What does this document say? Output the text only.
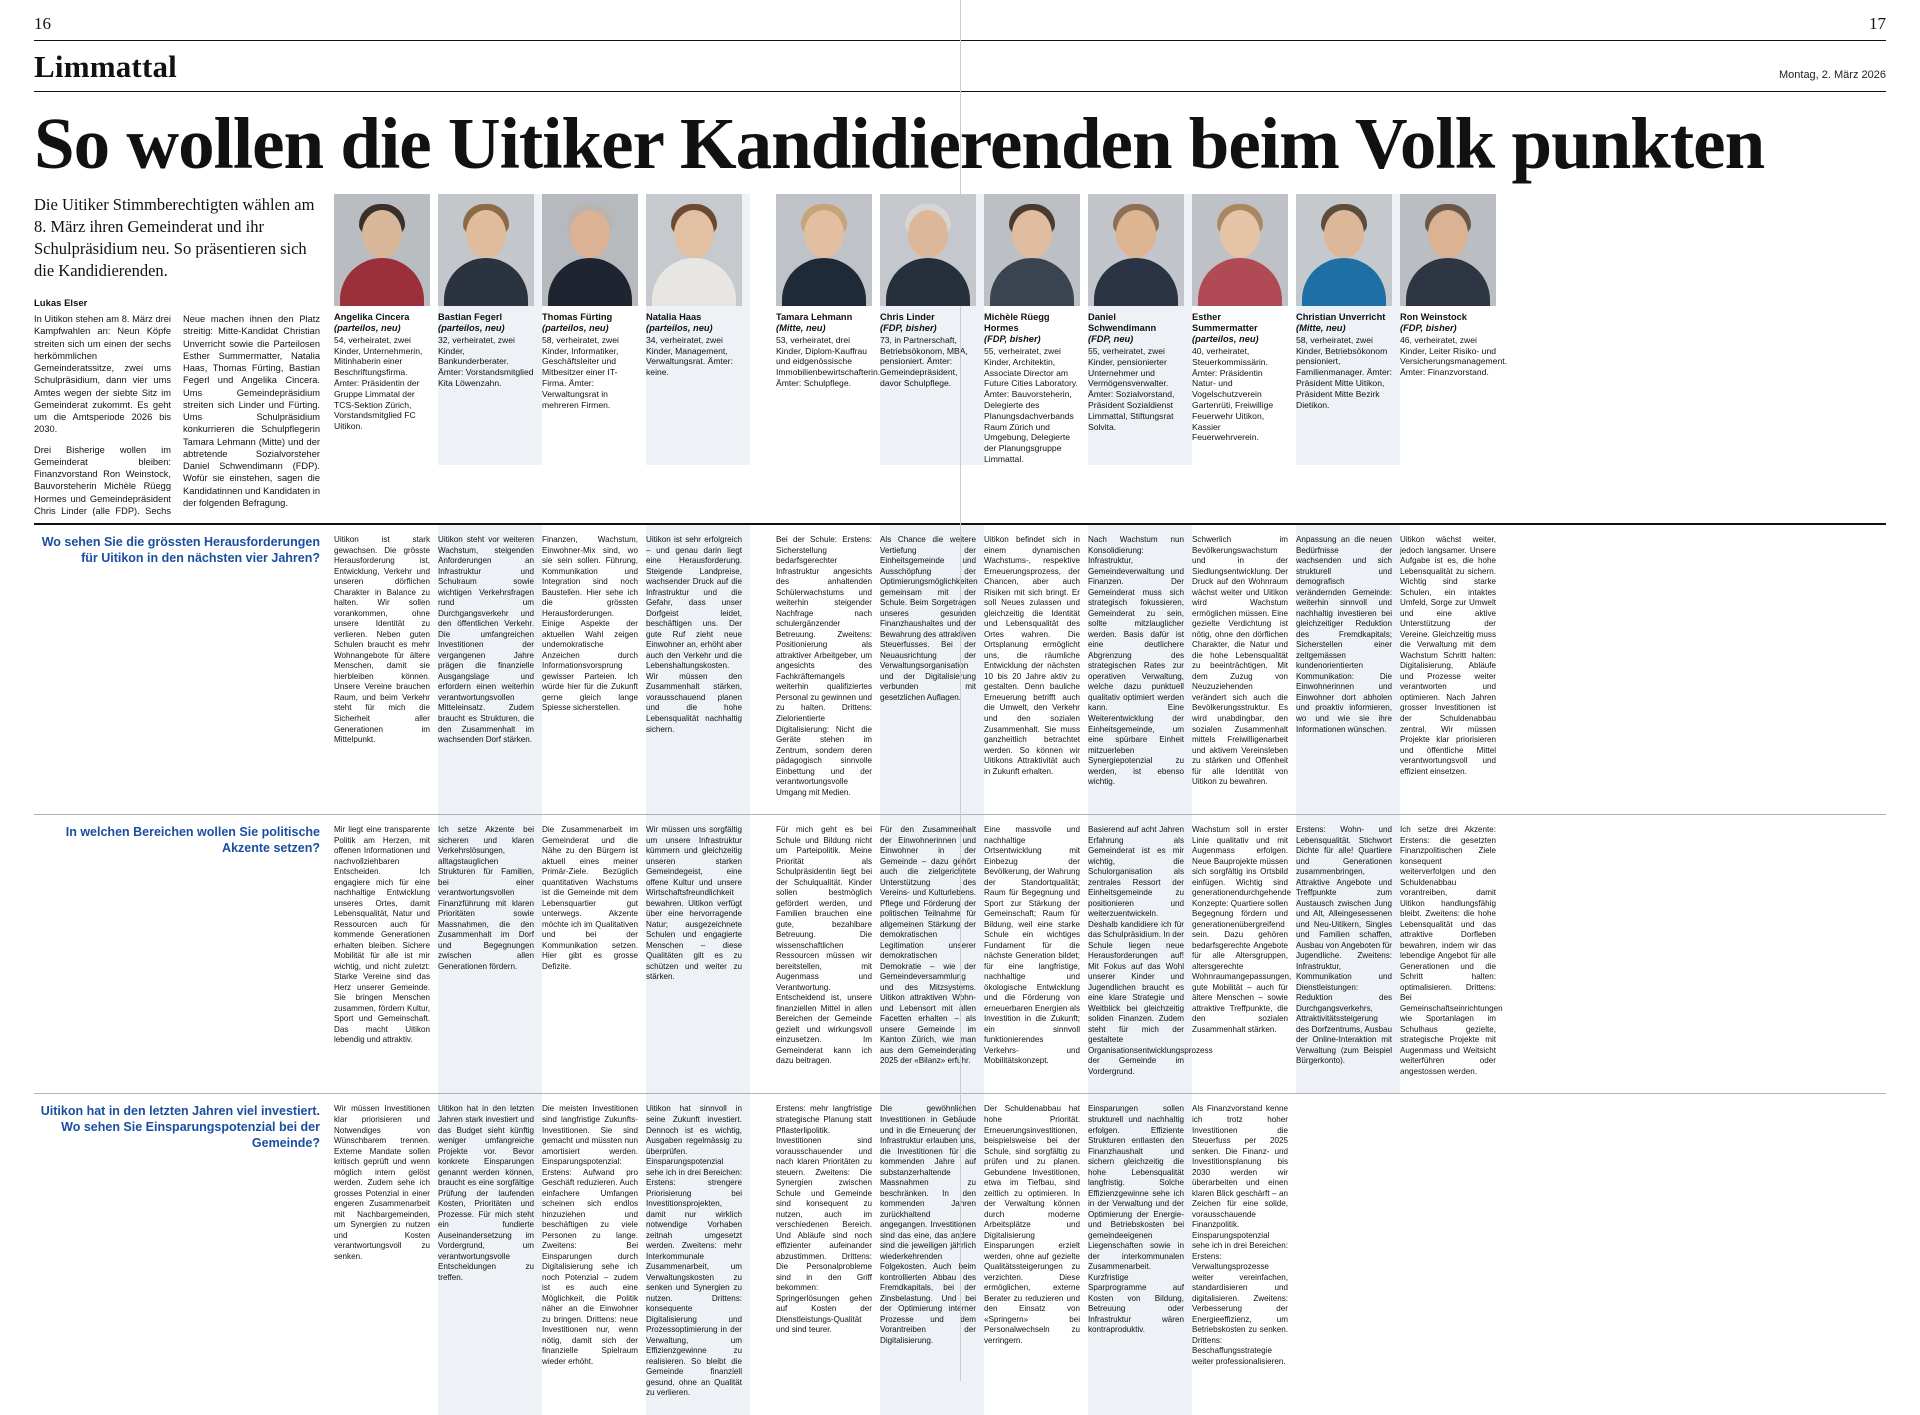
16	17
Limmattal	Montag, 2. März 2026
So wollen die Uitiker Kandidierenden beim Volk punkten
Die Uitiker Stimmberechtigten wählen am 8. März ihren Gemeinderat und ihr Schulpräsidium neu. So präsentieren sich die Kandidierenden.
Lukas Elser

In Uitikon stehen am 8. März drei Kampfwahlen an: Neun Köpfe streiten sich um einen der sechs herkömmlichen Gemeinderatssitze, zwei ums Schulpräsidium, dann vier ums Amtes wegen der siebte Sitz im Gemeinderat zukommt. Es geht um die Amtsperiode 2026 bis 2030.

Drei Bisherige wollen im Gemeinderat bleiben: Finanzvorstand Ron Weinstock, Bauvorsteherin Michèle Rüegg Hormes und Gemeindepräsident Chris Linder (alle FDP). Sechs Neue machen ihnen den Platz streitig: Mitte-Kandidat Christian Unverricht sowie die Parteilosen Esther Summermatter, Natalia Haas, Thomas Fürting, Bastian Fegerl und Angelika Cincera. Ums Gemeindepräsidium streiten sich Linder und Fürting. Ums Schulpräsidium konkurrieren die Schulpflegerin Tamara Lehmann (Mitte) und der abtretende Sozialvorsteher Daniel Schwendimann (FDP). Wofür sie einstehen, sagen die Kandidatinnen und Kandidaten in der folgenden Befragung.

Angelika Cincera

(parteilos, neu)

54, verheiratet, zwei Kinder, Unternehmerin, Mitinhaberin einer Beschriftungsfirma. Ämter: Präsidentin der Gruppe Limmatal der TCS-Sektion Zürich, Vorstandsmitglied FC Uitikon.
Bastian Fegerl

(parteilos, neu)

32, verheiratet, zwei Kinder, Bankunderberater. Ämter: Vorstandsmitglied Kita Löwenzahn.
Thomas Fürting

(parteilos, neu)

58, verheiratet, zwei Kinder, Informatiker, Geschäftsleiter und Mitbesitzer einer IT-Firma. Ämter: Verwaltungsrat in mehreren Firmen.
Natalia Haas

(parteilos, neu)

34, verheiratet, zwei Kinder, Management, Verwaltungsrat. Ämter: keine.
Tamara Lehmann

(Mitte, neu)

53, verheiratet, drei Kinder, Diplom-Kauffrau und eidgenössische Immobilienbewirtschafterin. Ämter: Schulpflege.
Chris Linder

(FDP, bisher)

73, in Partnerschaft, Betriebsökonom, MBA, pensioniert. Ämter: Gemeindepräsident, davor Schulpflege.
Michèle Rüegg Hormes

(FDP, bisher)

55, verheiratet, zwei Kinder, Architektin, Associate Director am Future Cities Laboratory. Ämter: Bauvorsteherin, Delegierte des Planungsdachverbands Raum Zürich und Umgebung, Delegierte der Planungsgruppe Limmattal.
Daniel Schwendimann

(FDP, neu)

55, verheiratet, zwei Kinder, pensionierter Unternehmer und Vermögensverwalter. Ämter: Sozialvorstand, Präsident Sozialdienst Limmattal, Stiftungsrat Solvita.
Esther Summermatter

(parteilos, neu)

40, verheiratet, Steuerkommissärin. Ämter: Präsidentin Natur- und Vogelschutzverein Gartenrüti, Freiwillige Feuerwehr Uitikon, Kassier Feuerwehrverein.
Christian Unverricht

(Mitte, neu)

58, verheiratet, zwei Kinder, Betriebsökonom pensioniert, Familienmanager. Ämter: Präsident Mitte Uitikon, Präsident Mitte Bezirk Dietikon.
Ron Weinstock

(FDP, bisher)

46, verheiratet, zwei Kinder, Leiter Risiko- und Versicherungsmanagement. Ämter: Finanzvorstand.
Wo sehen Sie die grössten Herausforderungen für Uitikon in den nächsten vier Jahren?
Uitikon ist stark gewachsen. Die grösste Herausforderung ist, Entwicklung, Verkehr und unseren dörflichen Charakter in Balance zu halten. Wir sollen vorankommen, ohne unsere Identität zu verlieren. Neben guten Schulen braucht es mehr Wohnangebote für ältere Menschen, damit sie hierbleiben können. Unsere Vereine brauchen Raum, und beim Verkehr steht für mich die Sicherheit aller Generationen im Mittelpunkt.
Uitikon steht vor weiteren Wachstum, steigenden Anforderungen an Infrastruktur und Schulraum sowie wichtigen Verkehrsfragen rund um Durchgangsverkehr und den öffentlichen Verkehr. Die umfangreichen Investitionen der vergangenen Jahre prägen die finanzielle Ausgangslage und erfordern einen weiterhin verantwortungsvollen Mitteleinsatz. Zudem braucht es Strukturen, die den Zusammenhalt im wachsenden Dorf stärken.
Finanzen, Wachstum, Einwohner-Mix sind, wo sie sein sollen. Führung, Kommunikation und Integration sind noch Baustellen. Hier sehe ich die grössten Herausforderungen. Einige Aspekte der aktuellen Wahl zeigen undemokratische Anzeichen durch Informationsvorsprung gewisser Parteien. Ich würde hier für die Zukunft gerne gleich lange Spiesse sicherstellen.
Uitikon ist sehr erfolgreich – und genau darin liegt eine Herausforderung. Steigende Landpreise, wachsender Druck auf die Infrastruktur und die Gefahr, dass unser Dorfgeist leidet, beschäftigen uns. Der gute Ruf zieht neue Einwohner an, erhöht aber auch den Verkehr und die Lebenshaltungskosten. Wir müssen den Zusammenhalt stärken, vorausschauend planen und die hohe Lebensqualität nachhaltig sichern.
Bei der Schule: Erstens: Sicherstellung bedarfsgerechter Infrastruktur angesichts des anhaltenden Schülerwachstums und weiterhin steigender Nachfrage nach schulergänzender Betreuung. Zweitens: Positionierung als attraktiver Arbeitgeber, um angesichts des Fachkräftemangels weiterhin qualifiziertes Personal zu gewinnen und zu halten. Drittens: Zielorientierte Digitalisierung: Nicht die Geräte stehen im Zentrum, sondern deren pädagogisch sinnvolle Einbettung und der verantwortungsvolle Umgang mit Medien.
Als Chance die weitere Vertiefung der Einheitsgemeinde und Ausschöpfung der Optimierungsmöglichkeiten gemeinsam mit der Schule. Beim Sorgetragen unseres gesunden Finanzhaushaltes und der Bewahrung des attraktiven Steuerfusses. Bei der Neuausrichtung der Verwaltungsorganisation und der Digitalisierung verbunden mit gesetzlichen Auflagen.
Uitikon befindet sich in einem dynamischen Wachstums-, respektive Erneuerungsprozess, der Chancen, aber auch Risiken mit sich bringt. Er soll Neues zulassen und gleichzeitig die Identität und Lebensqualität des Ortes wahren. Die Ortsplanung ermöglicht uns, die räumliche Entwicklung der nächsten 10 bis 20 Jahre aktiv zu gestalten. Denn bauliche Erneuerung betrifft auch die Umwelt, den Verkehr und den sozialen Zusammenhalt. Sie muss ganzheitlich betrachtet werden. So können wir Uitikons Attraktivität auch in Zukunft erhalten.
Nach Wachstum nun Konsolidierung: Infrastruktur, Gemeindeverwaltung und Finanzen. Der Gemeinderat muss sich strategisch fokussieren, Gemeinderat zu sein, sollte mitzlauglicher werden. Basis dafür ist eine deutlichere Abgrenzung des strategischen Rates zur operativen Verwaltung, welche dazu punktuell qualitativ optimiert werden kann. Eine Weiterentwicklung der Einheitsgemeinde, um eine spürbare Einheit mitzuerleben Synergiepotenzial zu werden, ist ebenso wichtig.
Schwerlich im Bevölkerungswachstum und in der Siedlungsentwicklung. Der Druck auf den Wohnraum wächst weiter und Uitikon wird Wachstum ermöglichen müssen. Eine gezielte Verdichtung ist nötig, ohne den dörflichen Charakter, die Natur und die hohe Lebensqualität zu beeinträchtigen. Mit dem Zuzug von Neuzuziehenden verändert sich auch die Bevölkerungsstruktur. Es wird unabdingbar, den sozialen Zusammenhalt mittels Freiwilligenarbeit und aktivem Vereinsleben zu stärken und Offenheit für alle Identität von Uitikon zu bewahren.
Anpassung an die neuen Bedürfnisse der wachsenden und sich strukturell und demografisch verändernden Gemeinde: weiterhin sinnvoll und nachhaltig investieren bei gleichzeitiger Reduktion des Fremdkapitals; Sicherstellen einer zeitgemässen kundenorientierten Kommunikation: Die Einwohnerinnen und Einwohner dort abholen und proaktiv informieren, wo und wie sie ihre Informationen wünschen.
Uitikon wächst weiter, jedoch langsamer. Unsere Aufgabe ist es, die hohe Lebensqualität zu sichern. Wichtig sind starke Schulen, ein intaktes Umfeld, Sorge zur Umwelt und eine aktive Unterstützung der Vereine. Gleichzeitig muss die Verwaltung mit dem Wachstum Schritt halten: Digitalisierung, Abläufe und Prozesse weiter verantworten und optimieren. Nach Jahren grosser Investitionen ist der Schuldenabbau zentral. Wir müssen Projekte klar priorisieren und öffentliche Mittel verantwortungsvoll und effizient einsetzen.
In welchen Bereichen wollen Sie politische Akzente setzen?
Mir liegt eine transparente Politik am Herzen, mit offenen Informationen und nachvollziehbaren Entscheiden. Ich engagiere mich für eine nachhaltige Entwicklung unseres Ortes, damit Lebensqualität, Natur und Ressourcen auch für kommende Generationen erhalten bleiben. Sichere Mobilität für alle ist mir wichtig, und nicht zuletzt: Starke Vereine sind das Herz unserer Gemeinde. Sie bringen Menschen zusammen, fördern Kultur, Sport und Gemeinschaft. Das macht Uitikon lebendig und attraktiv.
Ich setze Akzente bei sicheren und klaren Verkehrslösungen, alltagstauglichen Strukturen für Familien, bei einer verantwortungsvollen Finanzführung mit klaren Prioritäten sowie Massnahmen, die den Zusammenhalt im Dorf und Begegnungen zwischen allen Generationen fördern.
Die Zusammenarbeit im Gemeinderat und die Nähe zu den Bürgern ist aktuell eines meiner Primär-Ziele. Bezüglich quantitativen Wachstums ist die Gemeinde mit dem Lebensquartier gut unterwegs. Akzente möchte ich im Qualitativen und bei der Kommunikation setzen. Hier gibt es grosse Defizite.
Wir müssen uns sorgfältig um unsere Infrastruktur kümmern und gleichzeitig unseren starken Gemeindegeist, eine offene Kultur und unsere Wirtschaftsfreundlichkeit bewahren. Uitikon verfügt über eine hervorragende Natur; ausgezeichnete Schulen und engagierte Menschen – diese Qualitäten gilt es zu schützen und weiter zu stärken.
Für mich geht es bei Schule und Bildung nicht um Parteipolitik. Meine Priorität als Schulpräsidentin liegt bei der Schulqualität. Kinder sollen bestmöglich gefördert werden, und Familien brauchen eine gute, bezahlbare Betreuung. Die wissenschaftlichen Ressourcen müssen wir bereitstellen, mit Augenmass und Verantwortung. Entscheidend ist, unsere finanziellen Mittel in allen Bereichen der Gemeinde gezielt und wirkungsvoll einzusetzen. Im Gemeinderat kann ich dazu beitragen.
Für den Zusammenhalt der Einwohnerinnen und Einwohner in der Gemeinde – dazu gehört auch die zielgerichtete Unterstützung des Vereins- und Kulturlebens. Pflege und Förderung der politischen Teilnahme für allgemeinen Stärkung der demokratischen Legitimation unserer demokratischen Demokratie – wie der Gemeindeversammlung und des Mitzsystems. Uitikon attraktiven Wohn- und Lebensort mit allen Facetten erhalten – als unsere Gemeinde im Kanton Zürich, wie man aus dem Gemeinderating 2025 der «Bilanz» erfuhr.
Eine massvolle und nachhaltige Ortsentwicklung mit Einbezug der Bevölkerung, der Wahrung der Standortqualität; Raum für Begegnung und Sport zur Stärkung der Gemeinschaft; Raum für Bildung, weil eine starke Schule ein wichtiges Fundament für die nächste Generation bildet; für eine langfristige, nachhaltige und ökologische Entwicklung und die Förderung von erneuerbaren Energien als Investition in die Zukunft; ein sinnvoll funktionierendes Verkehrs- und Mobilitätskonzept.
Basierend auf acht Jahren Erfahrung als Gemeinderat ist es mir wichtig, die Schulorganisation als zentrales Ressort der Einheitsgemeinde zu positionieren und weiterzuentwickeln. Deshalb kandidiere ich für das Schulpräsidium. In der Schule liegen neue Herausforderungen auf! Mit Fokus auf das Wohl unserer Kinder und Jugendlichen braucht es eine klare Strategie und Weitblick bei gleichzeitig soliden Finanzen. Zudem steht für mich der gestaltete Organisationsentwicklungsprozess der Gemeinde im Vordergrund.
Wachstum soll in erster Linie qualitativ und mit Augenmass erfolgen. Neue Bauprojekte müssen sich sorgfältig ins Ortsbild einfügen. Wichtig sind generationendurchgehende Konzepte: Quartiere sollen Begegnung fördern und generationenübergreifend sein. Dazu gehören bedarfsgerechte Angebote für alle Altersgruppen, altersgerechte Wohnraumangepassungen, gute Mobilität – auch für ältere Menschen – sowie attraktive Treffpunkte, die den sozialen Zusammenhalt stärken.
Erstens: Wohn- und Lebensqualität. Stichwort Dichte für alle! Quartiere und Generationen zusammenbringen, Attraktive Angebote und Treffpunkte zum Austausch zwischen Jung und Alt, Alleingesessenen und Neu-Uitikern, Singles und Familien schaffen, Ausbau von Angeboten für Jugendliche. Zweitens: Infrastruktur, Kommunikation und Dienstleistungen: Reduktion des Durchgangsverkehrs, Attraktivitätssteigerung des Dorfzentrums, Ausbau der Online-Interaktion mit Verwaltung (zum Beispiel Bürgerkonto).
Ich setze drei Akzente: Erstens: die gesetzten Finanzpolitischen Ziele konsequent weiterverfolgen und den Schuldenabbau vorantreiben, damit Uitikon handlungsfähig bleibt. Zweitens: die hohe Lebensqualität und das attraktive Dorfleben bewahren, indem wir das lebendige Angebot für alle Generationen und die Schritt halten: optimalisieren. Drittens: Bei Gemeinschaftseinrichtungen wie Sportanlagen im Schulhaus gezielte, strategische Projekte mit Augenmass und Weitsicht weiterführen oder angestossen werden.
Uitikon hat in den letzten Jahren viel investiert. Wo sehen Sie Einsparungspotenzial bei der Gemeinde?
Wir müssen Investitionen klar priorisieren und Notwendiges von Wünschbarem trennen. Externe Mandate sollen kritisch geprüft und wenn möglich intern gelöst werden. Zudem sehe ich grosses Potenzial in einer engeren Zusammenarbeit mit Nachbargemeinden, um Synergien zu nutzen und Kosten verantwortungsvoll zu senken.
Uitikon hat in den letzten Jahren stark investiert und das Budget sieht künftig weniger umfangreiche Projekte vor. Bevor konkrete Einsparungen genannt werden können, braucht es eine sorgfältige Prüfung der laufenden Kosten, Prioritäten und Prozesse. Für mich steht ein fundierte Auseinandersetzung im Vordergrund, um verantwortungsvolle Entscheidungen zu treffen.
Die meisten Investitionen sind langfristige Zukunfts-Investitionen. Sie sind gemacht und müssten nun amortisiert werden. Einsparungspotenzial: Erstens: Aufwand pro Geschäft reduzieren. Auch einfachere Umfangen scheinen sich endlos hinzuziehen und beschäftigen zu viele Personen zu lange. Zweitens: Bei Einsparungen durch Digitalisierung sehe ich noch Potenzial – zudem ist es auch eine Möglichkeit, die Politik näher an die Einwohner zu bringen. Drittens: neue Investitionen nur, wenn nötig, damit sich der finanzielle Spielraum wieder erhöht.
Uitikon hat sinnvoll in seine Zukunft investiert. Dennoch ist es wichtig, Ausgaben regelmässig zu überprüfen. Einsparungspotenzial sehe ich in drei Bereichen: Erstens: strengere Priorisierung bei Investitionsprojekten, damit nur wirklich notwendige Vorhaben zeitnah umgesetzt werden. Zweitens: mehr Interkommunale Zusammenarbeit, um Verwaltungskosten zu senken und Synergien zu nutzen. Drittens: konsequente Digitalisierung und Prozessoptimierung in der Verwaltung, um Effizienzgewinne zu realisieren. So bleibt die Gemeinde finanziell gesund, ohne an Qualität zu verlieren.
Erstens: mehr langfristige strategische Planung statt Pflasterlipolitik. Investitionen sind vorausschauender und nach klaren Prioritäten zu steuern. Zweitens: Die Synergien zwischen Schule und Gemeinde sind konsequent zu nutzen, auch im verschiedenen Bereich. Und Abläufe sind noch effizienter aufeinander abzustimmen. Drittens: Die Personalprobleme sind in den Griff bekommen: Springerlösungen gehen auf Kosten der Dienstleistungs-Qualität und sind teurer.
Die gewöhnlichen Investitionen in Gebäude und in die Erneuerung der Infrastruktur erlauben uns, die Investitionen für die kommenden Jahre auf substanzerhaltende Massnahmen zu beschränken. In den kommenden Jahren zurückhaltend angegangen. Investitionen sind das eine, das andere sind die jeweiligen jährlich wiederkehrenden Folgekosten. Auch beim kontrollierten Abbau des Fremdkapitals, bei der Zinsbelastung. Und bei der Optimierung interner Prozesse und dem Vorantreiben der Digitalisierung.
Der Schuldenabbau hat hohe Priorität. Erneuerungsinvestitionen, beispielsweise bei der Schule, sind sorgfältig zu prüfen und zu planen. Gebundene Investitionen, etwa im Tiefbau, sind zeitlich zu optimieren. In der Verwaltung können durch moderne Arbeitsplätze und Digitalisierung Einsparungen erzielt werden, ohne auf gezielte Qualitätssteigerungen zu verzichten. Diese ermöglichen, externe Berater zu reduzieren und den Einsatz von «Springern» bei Personalwechseln zu verringern.
Einsparungen sollen strukturell und nachhaltig erfolgen. Effiziente Strukturen entlasten den Finanzhaushalt und sichern gleichzeitig die hohe Lebensqualität langfristig. Solche Effizienzgewinne sehe ich in der Verwaltung und der Optimierung der Energie- und Betriebskosten bei gemeindeeigenen Liegenschaften sowie in der interkommunalen Zusammenarbeit. Kurzfristige Sparprogramme auf Kosten von Bildung, Betreuung oder Infrastruktur wären kontraproduktiv.
Als Finanzvorstand kenne ich trotz hoher Investitionen die Steuerfuss per 2025 senken. Die Finanz- und Investitionsplanung bis 2030 werden wir überarbeiten und einen klaren Blick geschärft – an Zeichen für eine solide, vorausschauende Finanzpolitik. Einsparungspotenzial sehe ich in drei Bereichen: Erstens: Verwaltungsprozesse weiter vereinfachen, standardisieren und digitalisieren. Zweitens: Verbesserung der Energieeffizienz, um Betriebskosten zu senken. Drittens: Beschaffungsstrategie weiter professionalisieren.
